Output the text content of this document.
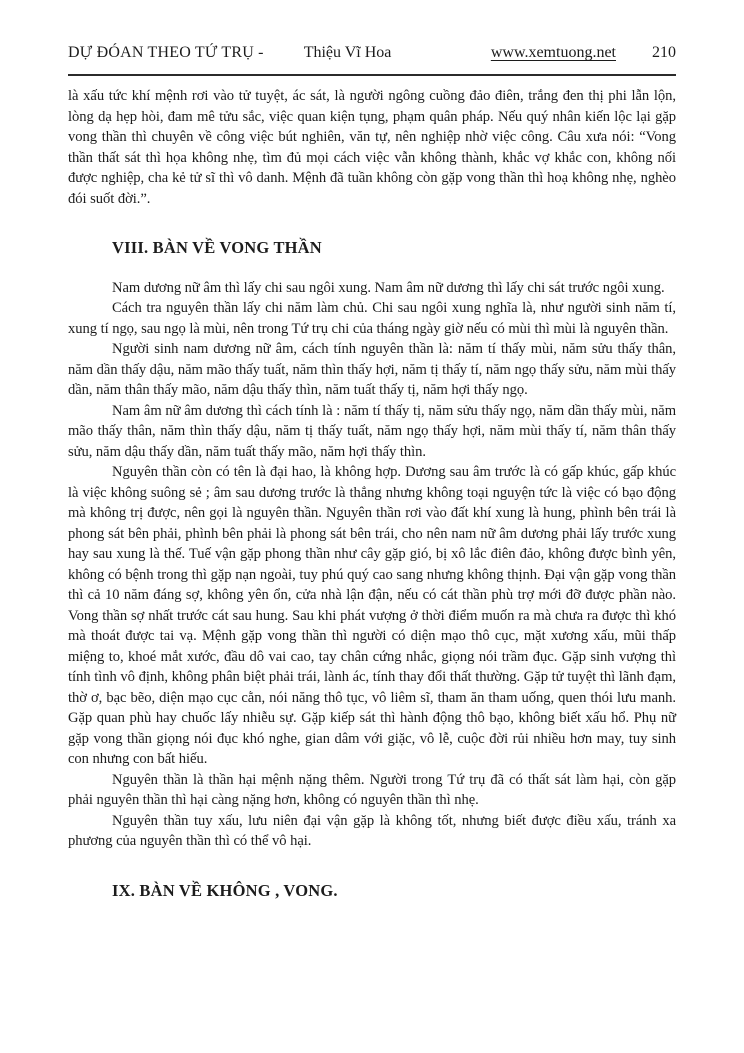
DỰ ĐÓAN THEO TỨ TRỤ -	Thiệu Vĩ Hoa	www.xemtuong.net 210

là xấu tức khí mệnh rơi vào tử tuyệt, ác sát, là người ngông cuồng đảo điên, trắng đen thị phi lẫn lộn, lòng dạ hẹp hòi, đam mê tửu sắc, việc quan kiện tụng, phạm quân pháp. Nếu quý nhân kiến lộc lại gặp vong thần thì chuyên về công việc bút nghiên, văn tự, nên nghiệp nhờ việc công. Câu xưa nói: “Vong thần thất sát thì họa không nhẹ, tìm đủ mọi cách việc vẫn không thành, khắc vợ khắc con, không nối được nghiệp, cha kẻ tử sĩ thì vô danh. Mệnh đã tuần không còn gặp vong thần thì hoạ không nhẹ, nghèo đói suốt đời.”.

VIII. BÀN VỀ VONG THẦN

Nam dương nữ âm thì lấy chi sau ngôi xung. Nam âm nữ dương thì lấy chi sát trước ngôi xung.

Cách tra nguyên thần lấy chi năm làm chủ. Chi sau ngôi xung nghĩa là, như người sinh năm tí, xung tí ngọ, sau ngọ là mùi, nên trong Tứ trụ chi của tháng ngày giờ nếu có mùi thì mùi là nguyên thần.

Người sinh nam dương nữ âm, cách tính nguyên thần là: năm tí thấy mùi, năm sửu thấy thân, năm dần thấy dậu, năm mão thấy tuất, năm thìn thấy hợi, năm tị thấy tí, năm ngọ thấy sửu, năm mùi thấy dần, năm thân thấy mão, năm dậu thấy thìn, năm tuất thấy tị, năm hợi thấy ngọ.

Nam âm nữ âm dương thì cách tính là : năm tí thấy tị, năm sửu thấy ngọ, năm dần thấy mùi, năm mão thấy thân, năm thìn thấy dậu, năm tị thấy tuất, năm ngọ thấy hợi, năm mùi thấy tí, năm thân thấy sửu, năm dậu thấy dần, năm tuất thấy mão, năm hợi thấy thìn.

Nguyên thần còn có tên là đại hao, là không hợp. Dương sau âm trước là có gấp khúc, gấp khúc là việc không suông sẻ ; âm sau dương trước là thẳng nhưng không toại nguyện tức là việc có bạo động mà không trị được, nên gọi là nguyên thần. Nguyên thần rơi vào đất khí xung là hung, phình bên trái là phong sát bên phải, phình bên phải là phong sát bên trái, cho nên nam nữ âm dương phải lấy trước xung hay sau xung là thế. Tuế vận gặp phong thần như cây gặp gió, bị xô lắc điên đảo, không được bình yên, không có bệnh trong thì gặp nạn ngoài, tuy phú quý cao sang nhưng không thịnh. Đại vận gặp vong thần thì cả 10 năm đáng sợ, không yên ổn, cửa nhà lận đận, nếu có cát thần phù trợ mới đỡ được phần nào. Vong thần sợ nhất trước cát sau hung. Sau khi phát vượng ở thời điểm muốn ra mà chưa ra được thì khó mà thoát được tai vạ. Mệnh gặp vong thần thì người có diện mạo thô cục, mặt xương xấu, mũi thấp miệng to, khoé mắt xước, đầu dô vai cao, tay chân cứng nhắc, giọng nói trầm đục. Gặp sinh vượng thì tính tình vô định, không phân biệt phải trái, lành ác, tính thay đổi thất thường. Gặp tử tuyệt thì lãnh đạm, thờ ơ, bạc bẽo, diện mạo cục cằn, nói năng thô tục, vô liêm sĩ, tham ăn tham uống, quen thói lưu manh. Gặp quan phù hay chuốc lấy nhiễu sự. Gặp kiếp sát thì hành động thô bạo, không biết xấu hổ. Phụ nữ gặp vong thần giọng nói đục khó nghe, gian dâm với giặc, vô lễ, cuộc đời rủi nhiều hơn may, tuy sinh con nhưng con bất hiếu.

Nguyên thần là thần hại mệnh nặng thêm. Người trong Tứ trụ đã có thất sát làm hại, còn gặp phải nguyên thần thì hại càng nặng hơn, không có nguyên thần thì nhẹ.

Nguyên thần tuy xấu, lưu niên đại vận gặp là không tốt, nhưng biết được điều xấu, tránh xa phương của nguyên thần thì có thể vô hại.

IX. BÀN VỀ KHÔNG , VONG.
